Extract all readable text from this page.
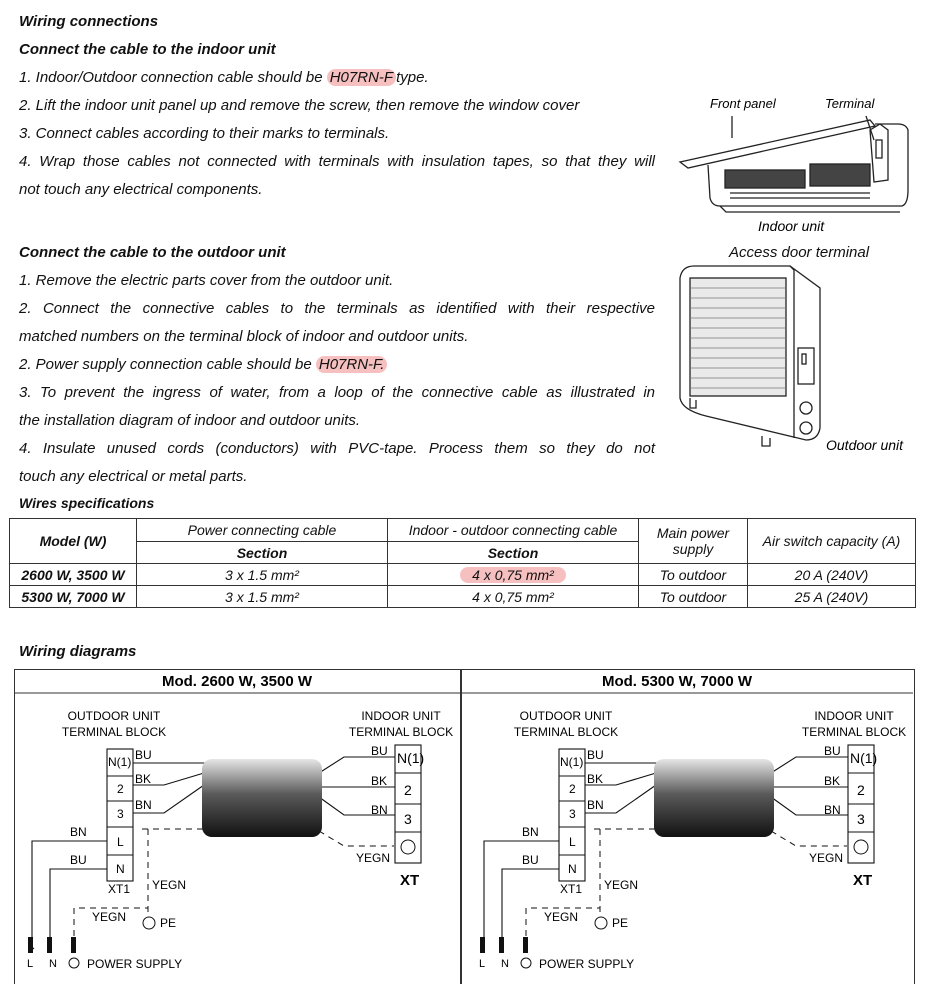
Wiring connections
Connect the cable to the indoor unit
1. Indoor/Outdoor connection cable should be H07RN-F type.
2. Lift the indoor unit panel up and remove the screw, then remove the window cover
3. Connect cables according to their marks to terminals.
4. Wrap those cables not connected with terminals with insulation tapes, so that they will
not touch any electrical components.
Connect the cable to the outdoor unit
1. Remove the electric parts cover from the outdoor unit.
2. Connect the connective cables to the terminals as identified with their respective
matched numbers on the terminal block of indoor and outdoor units.
2. Power supply connection cable should be H07RN-F.
3. To prevent the ingress of water, from a loop of the connective cable as illustrated in
the installation diagram of indoor and outdoor units.
4. Insulate unused cords (conductors) with PVC-tape. Process them so they do not
touch any electrical or metal parts.
Front panel	Terminal
Indoor unit
Access door terminal
Outdoor unit
Wires specifications
Model (W)	Power connecting cable	Indoor - outdoor connecting cable	Main power supply	Air switch capacity (A)
	Section	Section		
2600 W, 3500 W	3 x 1.5 mm²	4 x 0,75 mm²	To outdoor	20 A (240V)
5300 W, 7000 W	3 x 1.5 mm²	4 x 0,75 mm²	To outdoor	25 A (240V)
Wiring diagrams
Mod. 2600 W, 3500 W
OUTDOOR UNIT
TERMINAL BLOCK
INDOOR UNIT
TERMINAL BLOCK
N(1)
2
3
L
N
N(1)
2
3
BU
BK
BN
BU
BK
BN
YEGN
BN
BU
XT1 YEGN
YEGN	PE
XT
L N	POWER SUPPLY
Mod. 5300 W, 7000 W
OUTDOOR UNIT
TERMINAL BLOCK
INDOOR UNIT
TERMINAL BLOCK
N(1)
2
3
L
N
N(1)
2
3
BU
BK
BN
BU
BK
BN
YEGN
BN
BU
XT1 YEGN
YEGN	PE
XT
L N	POWER SUPPLY
